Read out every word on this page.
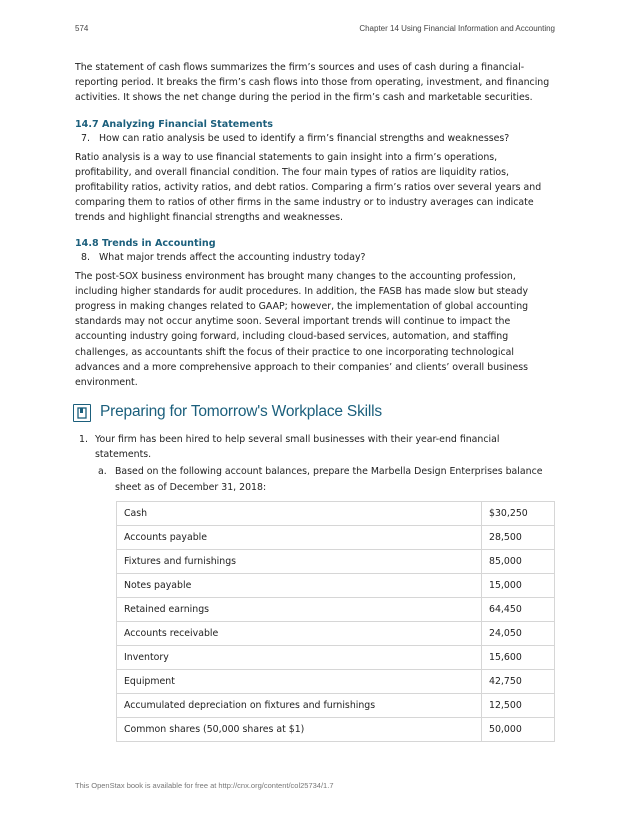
574	Chapter 14 Using Financial Information and Accounting

The statement of cash flows summarizes the firm’s sources and uses of cash during a financial-reporting period. It breaks the firm’s cash flows into those from operating, investment, and financing activities. It shows the net change during the period in the firm’s cash and marketable securities.

14.7 Analyzing Financial Statements
7. How can ratio analysis be used to identify a firm’s financial strengths and weaknesses?

Ratio analysis is a way to use financial statements to gain insight into a firm’s operations, profitability, and overall financial condition. The four main types of ratios are liquidity ratios, profitability ratios, activity ratios, and debt ratios. Comparing a firm’s ratios over several years and comparing them to ratios of other firms in the same industry or to industry averages can indicate trends and highlight financial strengths and weaknesses.

14.8 Trends in Accounting
8. What major trends affect the accounting industry today?

The post-SOX business environment has brought many changes to the accounting profession, including higher standards for audit procedures. In addition, the FASB has made slow but steady progress in making changes related to GAAP; however, the implementation of global accounting standards may not occur anytime soon. Several important trends will continue to impact the accounting industry going forward, including cloud-based services, automation, and staffing challenges, as accountants shift the focus of their practice to one incorporating technological advances and a more comprehensive approach to their companies’ and clients’ overall business environment.

Preparing for Tomorrow's Workplace Skills
1. Your firm has been hired to help several small businesses with their year-end financial statements.
a. Based on the following account balances, prepare the Marbella Design Enterprises balance sheet as of December 31, 2018:
Cash	$30,250
Accounts payable	28,500
Fixtures and furnishings	85,000
Notes payable	15,000
Retained earnings	64,450
Accounts receivable	24,050
Inventory	15,600
Equipment	42,750
Accumulated depreciation on fixtures and furnishings	12,500
Common shares (50,000 shares at $1)	50,000
This OpenStax book is available for free at http://cnx.org/content/col25734/1.7
